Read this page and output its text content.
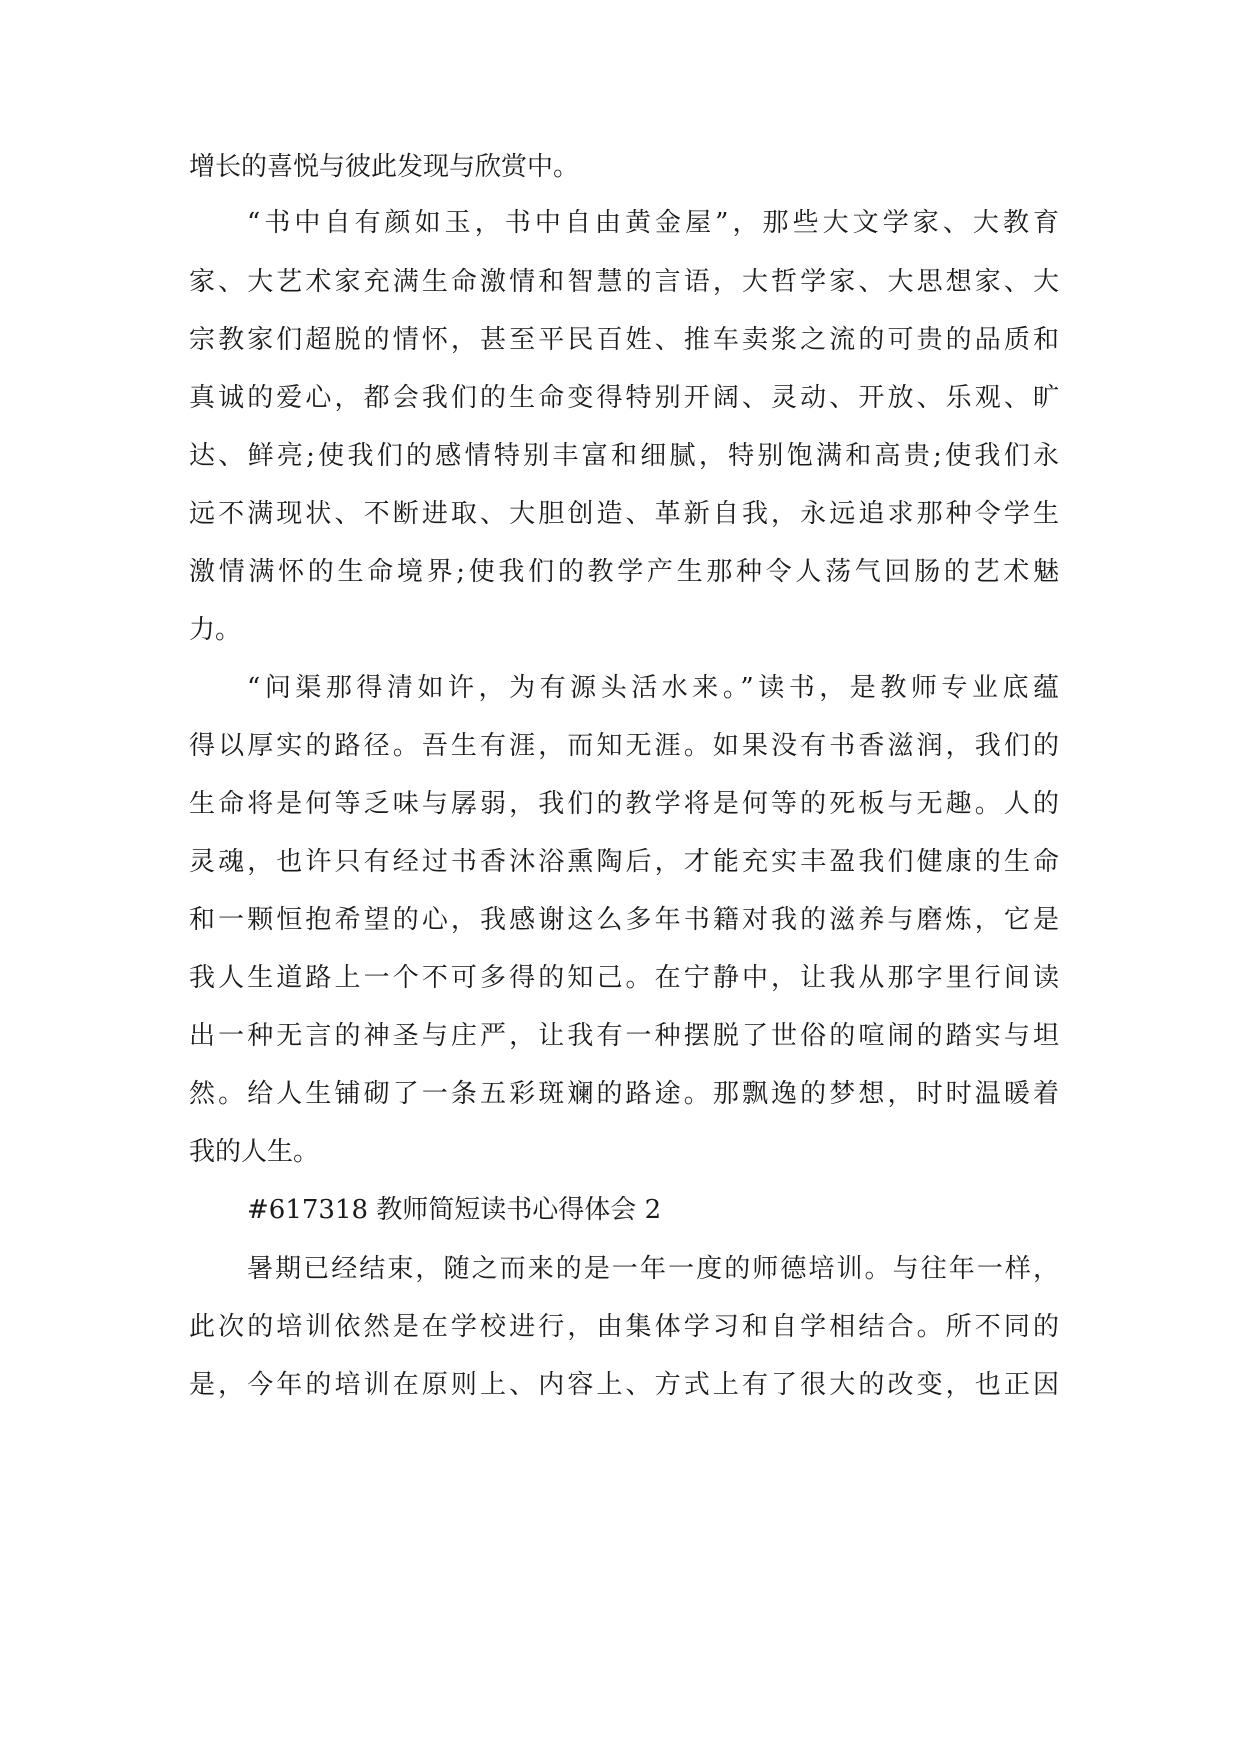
增长的喜悦与彼此发现与欣赏中。
“书中自有颜如玉，书中自由黄金屋”，那些大文学家、大教育
家、大艺术家充满生命激情和智慧的言语，大哲学家、大思想家、大
宗教家们超脱的情怀，甚至平民百姓、推车卖浆之流的可贵的品质和
真诚的爱心，都会我们的生命变得特别开阔、灵动、开放、乐观、旷
达、鲜亮;使我们的感情特别丰富和细腻，特别饱满和高贵;使我们永
远不满现状、不断进取、大胆创造、革新自我，永远追求那种令学生
激情满怀的生命境界;使我们的教学产生那种令人荡气回肠的艺术魅
力。
“问渠那得清如许，为有源头活水来。”读书，是教师专业底蕴
得以厚实的路径。吾生有涯，而知无涯。如果没有书香滋润，我们的
生命将是何等乏味与孱弱，我们的教学将是何等的死板与无趣。人的
灵魂，也许只有经过书香沐浴熏陶后，才能充实丰盈我们健康的生命
和一颗恒抱希望的心，我感谢这么多年书籍对我的滋养与磨炼，它是
我人生道路上一个不可多得的知己。在宁静中，让我从那字里行间读
出一种无言的神圣与庄严，让我有一种摆脱了世俗的喧闹的踏实与坦
然。给人生铺砌了一条五彩斑斓的路途。那飘逸的梦想，时时温暖着
我的人生。
#617318 教师简短读书心得体会 2
暑期已经结束，随之而来的是一年一度的师德培训。与往年一样，
此次的培训依然是在学校进行，由集体学习和自学相结合。所不同的
是，今年的培训在原则上、内容上、方式上有了很大的改变，也正因
